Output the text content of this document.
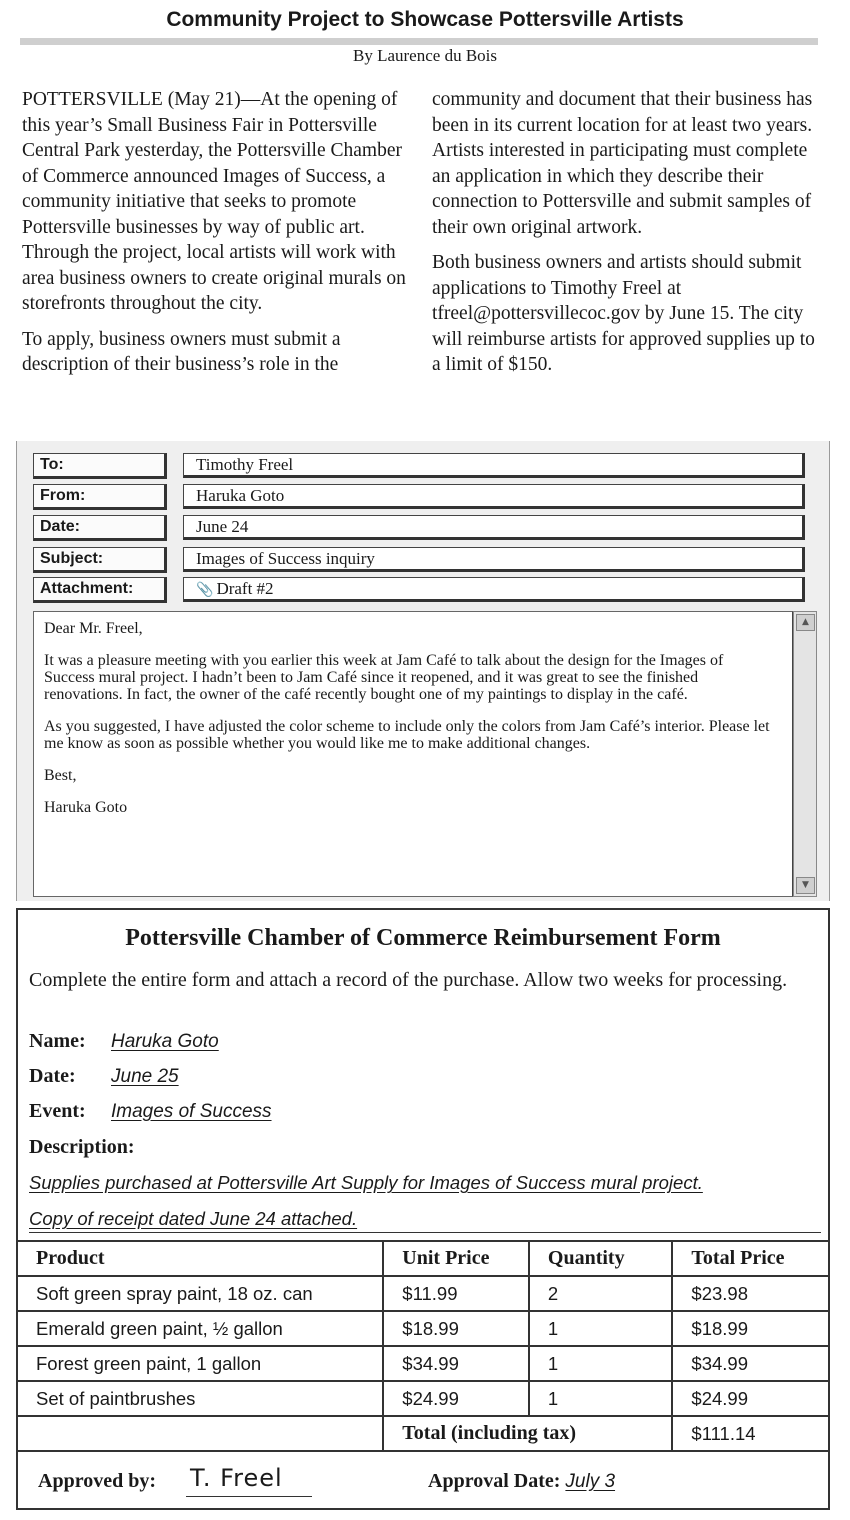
Community Project to Showcase Pottersville Artists
By Laurence du Bois

POTTERSVILLE (May 21)—At the opening of this year’s Small Business Fair in Pottersville Central Park yesterday, the Pottersville Chamber of Commerce announced Images of Success, a community initiative that seeks to promote Pottersville businesses by way of public art. Through the project, local artists will work with area business owners to create original murals on storefronts throughout the city.

To apply, business owners must submit a description of their business’s role in the

community and document that their business has been in its current location for at least two years. Artists interested in participating must complete an application in which they describe their connection to Pottersville and submit samples of their own original artwork.

Both business owners and artists should submit applications to Timothy Freel at tfreel@pottersvillecoc.gov by June 15. The city will reimburse artists for approved supplies up to a limit of $150.

To:	Timothy Freel
From:	Haruka Goto
Date:	June 24
Subject:	Images of Success inquiry
Attachment:	📎 Draft #2

Dear Mr. Freel,

It was a pleasure meeting with you earlier this week at Jam Café to talk about the design for the Images of Success mural project. I hadn’t been to Jam Café since it reopened, and it was great to see the finished renovations. In fact, the owner of the café recently bought one of my paintings to display in the café.

As you suggested, I have adjusted the color scheme to include only the colors from Jam Café’s interior. Please let me know as soon as possible whether you would like me to make additional changes.

Best,

Haruka Goto

▲
▼
Pottersville Chamber of Commerce Reimbursement Form
Complete the entire form and attach a record of the purchase. Allow two weeks for processing.
Name: Haruka Goto
Date: June 25
Event: Images of Success
Description:
Supplies purchased at Pottersville Art Supply for Images of Success mural project.
Copy of receipt dated June 24 attached.
Product	Unit Price	Quantity	Total Price
Soft green spray paint, 18 oz. can	$11.99	2	$23.98
Emerald green paint, ½ gallon	$18.99	1	$18.99
Forest green paint, 1 gallon	$34.99	1	$34.99
Set of paintbrushes	$24.99	1	$24.99
	Total (including tax)		$111.14
Approved by: T. Freel	Approval Date: July 3
